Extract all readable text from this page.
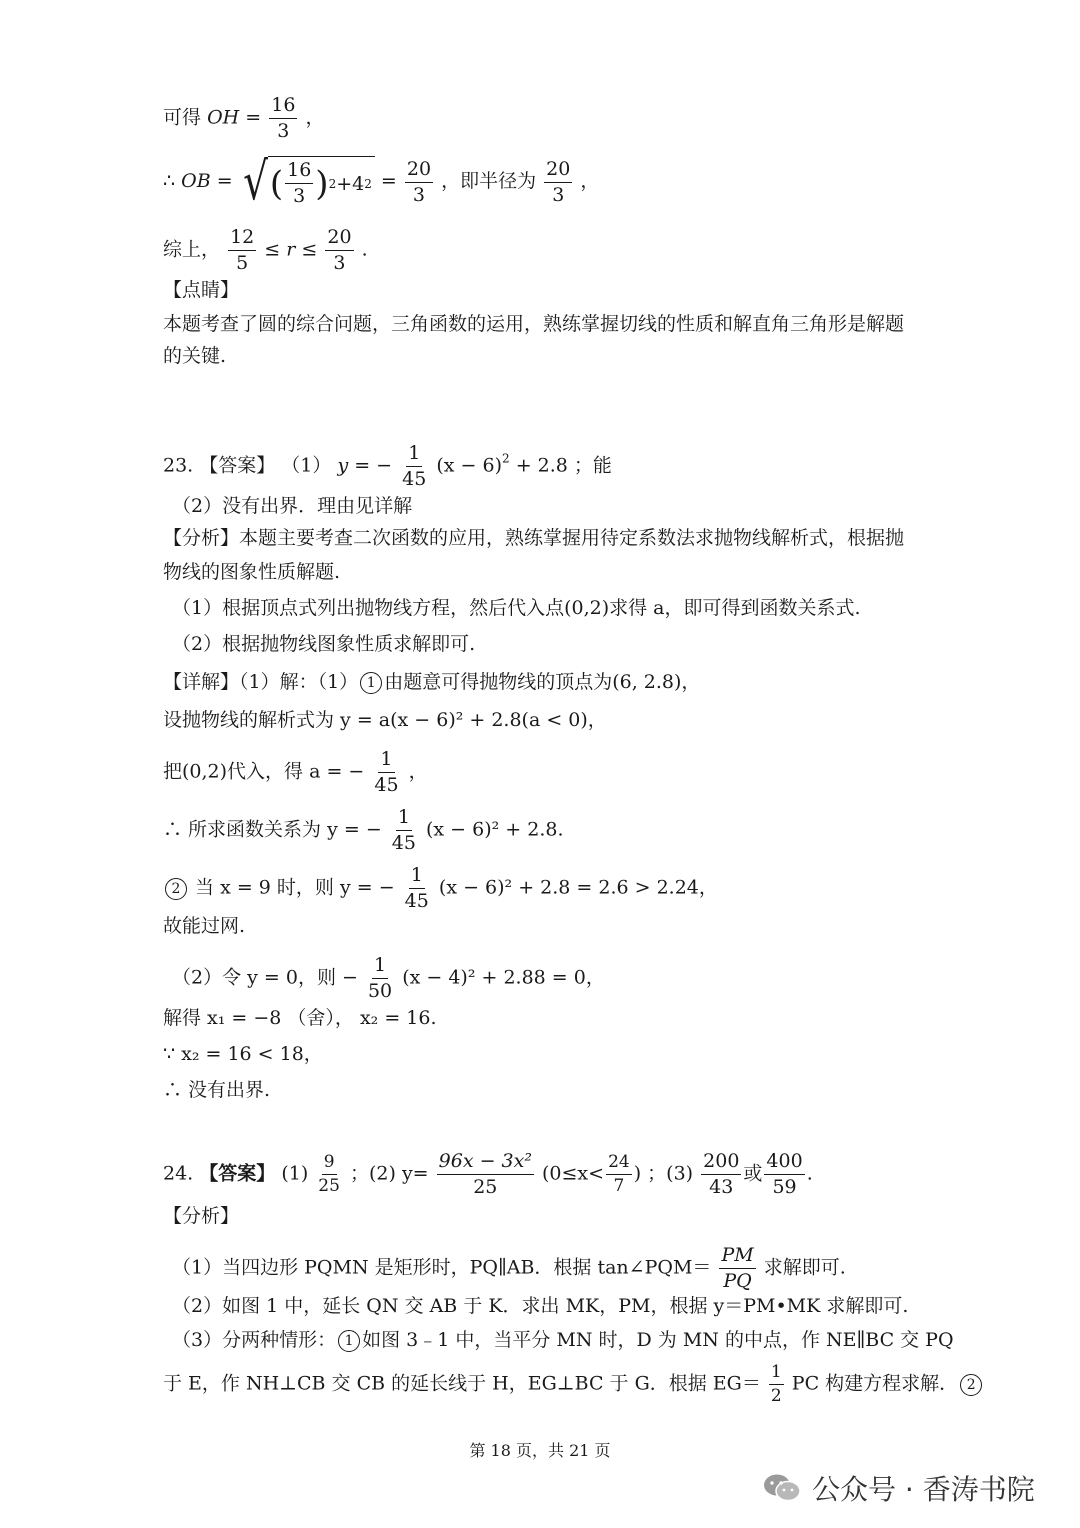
可得 OH = $\frac{16}{3}$ ，
∴ OB = √ ( $\frac{16}{3}$ ) 2 +4 $2 = \frac{20}{3}$ ，即半径为 $\frac{20}{3}$ ，
综上， $\frac{12}{5} \le r \le \frac{20}{3}$ .
【点睛】
本题考查了圆的综合问题，三角函数的运用，熟练掌握切线的性质和解直角三角形是解题
的关键.
23. 【答案】 （1） y = − $\frac{1}{45} (x - 6)^2 + 2.8$ ；能
（2）没有出界．理由见详解
【分析】本题主要考查二次函数的应用，熟练掌握用待定系数法求抛物线解析式，根据抛
物线的图象性质解题.
（1）根据顶点式列出抛物线方程，然后代入点(0,2)求得 a，即可得到函数关系式.
（2）根据抛物线图象性质求解即可.
【详解】（1）解：（1） 1 由题意可得抛物线的顶点为(6, 2.8)，
设抛物线的解析式为 y = a(x − 6)² + 2.8(a < 0)，
把(0,2)代入，得 a = − $\frac{1}{45}$ ，
∴ 所求函数关系为 y = − $\frac{1}{45} (x - 6)^2 + 2.8$.
2 当 x = 9 时，则 y = − $\frac{1}{45} (x - 6)^2 + 2.8 = 2.6 > 2.24$，
故能过网.
（2）令 y = 0，则 − $\frac{1}{50} (x - 4)^2 + 2.88 = 0$，
解得 x₁ = −8 （舍）， x₂ = 16.
∵ x₂ = 16 < 18，
∴ 没有出界.
24. 【答案】 $(1) \frac{9}{25}$ ；(2) $y= \frac{\text{96x − 3x²}}{25} (0\le x< \frac{24}{7}$ ) ；$(3) \frac{200}{43}$ 或 $\frac{400}{59}$ .
【分析】
（1）当四边形 PQMN 是矩形时，PQ∥AB．根据 tan∠PQM＝ $\frac{PM}{PQ}$ 求解即可.
（2）如图 1 中，延长 QN 交 AB 于 K．求出 MK，PM，根据 y＝PM•MK 求解即可.
（3）分两种情形： 1 如图 3﹣1 中，当平分 MN 时，D 为 MN 的中点，作 NE∥BC 交 PQ
于 E，作 NH⊥CB 交 CB 的延长线于 H，EG⊥BC 于 G．根据 $EG= \frac{1}{2}$ PC 构建方程求解． 2
第 18 页，共 21 页
公众号 · 香涛书院
